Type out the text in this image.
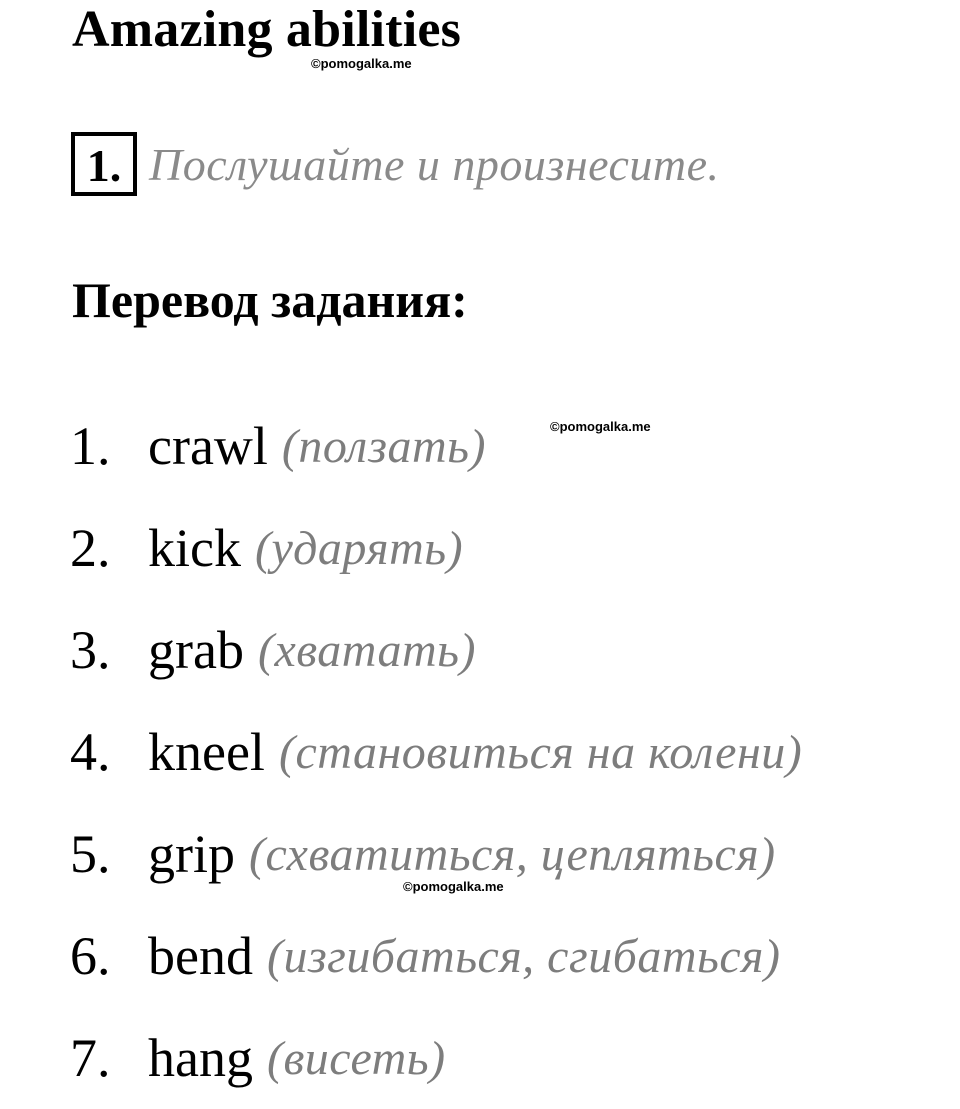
Amazing abilities
©pomogalka.me
1. Послушайте и произнесите.
Перевод задания:
1. crawl (ползать)
2. kick (ударять)
3. grab (хватать)
4. kneel (становиться на колени)
5. grip (схватиться, цепляться)
6. bend (изгибаться, сгибаться)
7. hang (висеть)
©pomogalka.me
©pomogalka.me
